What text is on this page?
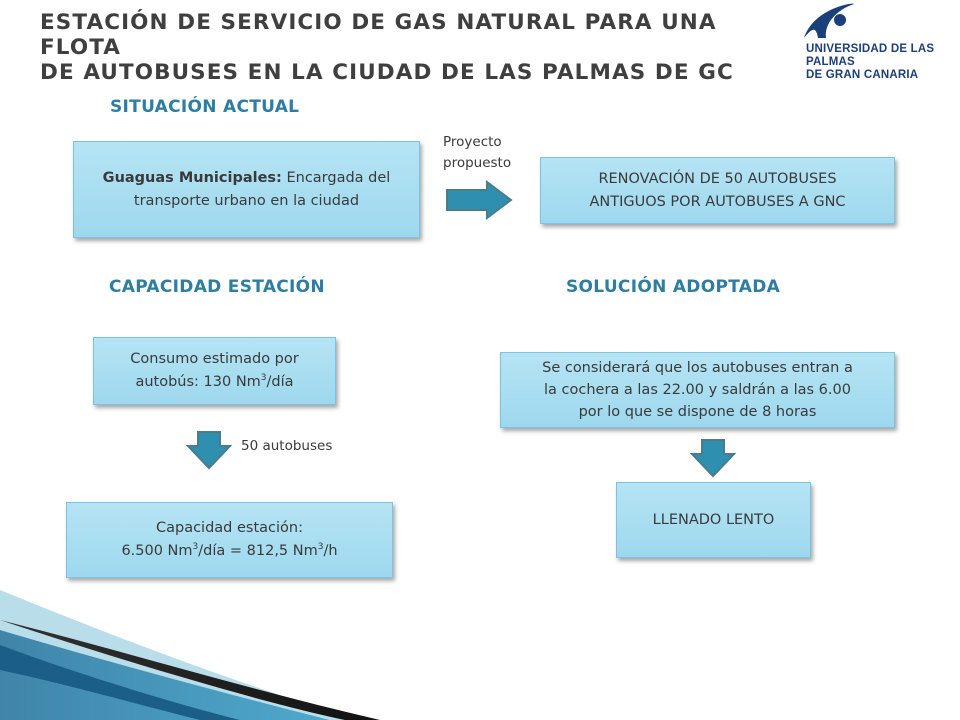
ESTACIÓN DE SERVICIO DE GAS NATURAL PARA UNA FLOTA
DE AUTOBUSES EN LA CIUDAD DE LAS PALMAS DE GC
UNIVERSIDAD DE LAS PALMAS
DE GRAN CANARIA
SITUACIÓN ACTUAL
CAPACIDAD ESTACIÓN	SOLUCIÓN ADOPTADA
Guaguas Municipales: Encargada del transporte urbano en la ciudad
Proyecto
propuesto
RENOVACIÓN DE 50 AUTOBUSES
ANTIGUOS POR AUTOBUSES A GNC
Consumo estimado por
autobús: 130 Nm$^3$/día
50 autobuses
Capacidad estación:
6.500 $Nm^3$/día = 812,5 Nm$^3$/h
Se considerará que los autobuses entran a
la cochera a las 22.00 y saldrán a las 6.00
por lo que se dispone de 8 horas
LLENADO LENTO
